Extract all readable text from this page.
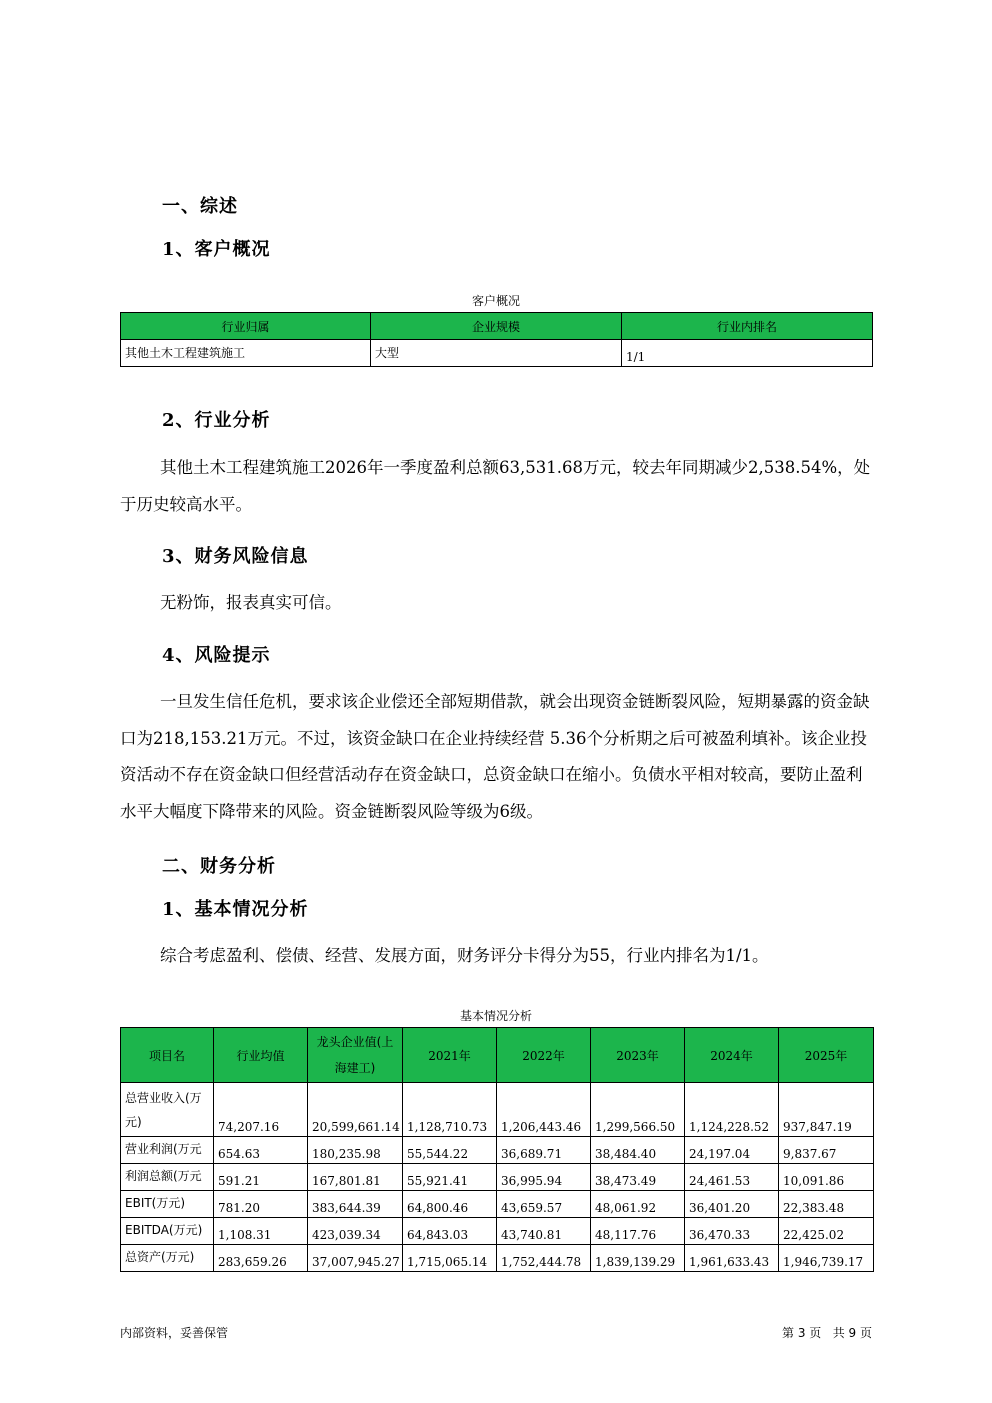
一、综述
1、客户概况
客户概况
行业归属	企业规模	行业内排名
其他土木工程建筑施工	大型	1/1
2、行业分析
其他土木工程建筑施工2026年一季度盈利总额63,531.68万元，较去年同期减少2,538.54%，处于历史较高水平。
3、财务风险信息
无粉饰，报表真实可信。
4、风险提示
一旦发生信任危机，要求该企业偿还全部短期借款，就会出现资金链断裂风险，短期暴露的资金缺口为218,153.21万元。不过，该资金缺口在企业持续经营 5.36个分析期之后可被盈利填补。该企业投资活动不存在资金缺口但经营活动存在资金缺口，总资金缺口在缩小。负债水平相对较高，要防止盈利水平大幅度下降带来的风险。资金链断裂风险等级为6级。
二、财务分析
1、基本情况分析
综合考虑盈利、偿债、经营、发展方面，财务评分卡得分为55，行业内排名为1/1。
基本情况分析
项目名	行业均值	龙头企业值(上海建工)	2021年	2022年	2023年	2024年	2025年
总营业收入(万元)	74,207.16	20,599,661.14	1,128,710.73	1,206,443.46	1,299,566.50	1,124,228.52	937,847.19
营业利润(万元	654.63	180,235.98	55,544.22	36,689.71	38,484.40	24,197.04	9,837.67
利润总额(万元	591.21	167,801.81	55,921.41	36,995.94	38,473.49	24,461.53	10,091.86
EBIT(万元)	781.20	383,644.39	64,800.46	43,659.57	48,061.92	36,401.20	22,383.48
EBITDA(万元)	1,108.31	423,039.34	64,843.03	43,740.81	48,117.76	36,470.33	22,425.02
总资产(万元)	283,659.26	37,007,945.27	1,715,065.14	1,752,444.78	1,839,139.29	1,961,633.43	1,946,739.17
内部资料，妥善保管	第 3 页   共 9 页
